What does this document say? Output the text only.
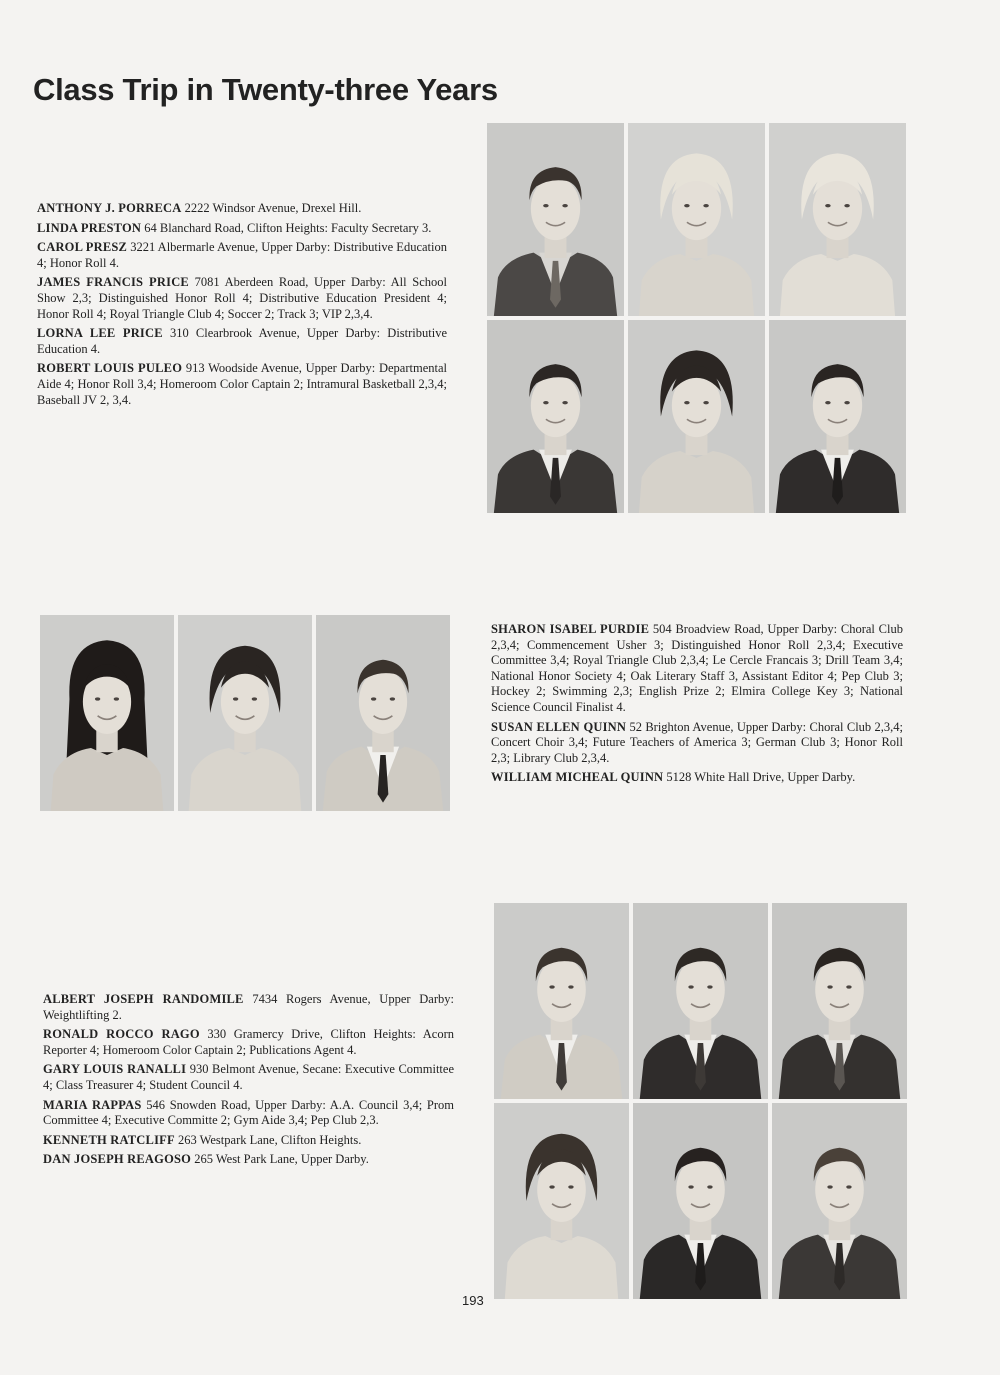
Class Trip in Twenty-three Years

ANTHONY J. PORRECA 2222 Windsor Avenue, Drexel Hill.

LINDA PRESTON 64 Blanchard Road, Clifton Heights: Faculty Secretary 3.

CAROL PRESZ 3221 Albermarle Avenue, Upper Darby: Distributive Education 4; Honor Roll 4.

JAMES FRANCIS PRICE 7081 Aberdeen Road, Upper Darby: All School Show 2,3; Distinguished Honor Roll 4; Distributive Education President 4; Honor Roll 4; Royal Triangle Club 4; Soccer 2; Track 3; VIP 2,3,4.

LORNA LEE PRICE 310 Clearbrook Avenue, Upper Darby: Distributive Education 4.

ROBERT LOUIS PULEO 913 Woodside Avenue, Upper Darby: Departmental Aide 4; Honor Roll 3,4; Homeroom Color Captain 2; Intramural Basketball 2,3,4; Baseball JV 2, 3,4.

SHARON ISABEL PURDIE 504 Broadview Road, Upper Darby: Choral Club 2,3,4; Commencement Usher 3; Distinguished Honor Roll 2,3,4; Executive Committee 3,4; Royal Triangle Club 2,3,4; Le Cercle Francais 3; Drill Team 3,4; National Honor Society 4; Oak Literary Staff 3, Assistant Editor 4; Pep Club 3; Hockey 2; Swimming 2,3; English Prize 2; Elmira College Key 3; National Science Council Finalist 4.

SUSAN ELLEN QUINN 52 Brighton Avenue, Upper Darby: Choral Club 2,3,4; Concert Choir 3,4; Future Teachers of America 3; German Club 3; Honor Roll 2,3; Library Club 2,3,4.

WILLIAM MICHEAL QUINN 5128 White Hall Drive, Upper Darby.

ALBERT JOSEPH RANDOMILE 7434 Rogers Avenue, Upper Darby: Weightlifting 2.

RONALD ROCCO RAGO 330 Gramercy Drive, Clifton Heights: Acorn Reporter 4; Homeroom Color Captain 2; Publications Agent 4.

GARY LOUIS RANALLI 930 Belmont Avenue, Secane: Executive Committee 4; Class Treasurer 4; Student Council 4.

MARIA RAPPAS 546 Snowden Road, Upper Darby: A.A. Council 3,4; Prom Committee 4; Executive Committe 2; Gym Aide 3,4; Pep Club 2,3.

KENNETH RATCLIFF 263 Westpark Lane, Clifton Heights.

DAN JOSEPH REAGOSO 265 West Park Lane, Upper Darby.

193
